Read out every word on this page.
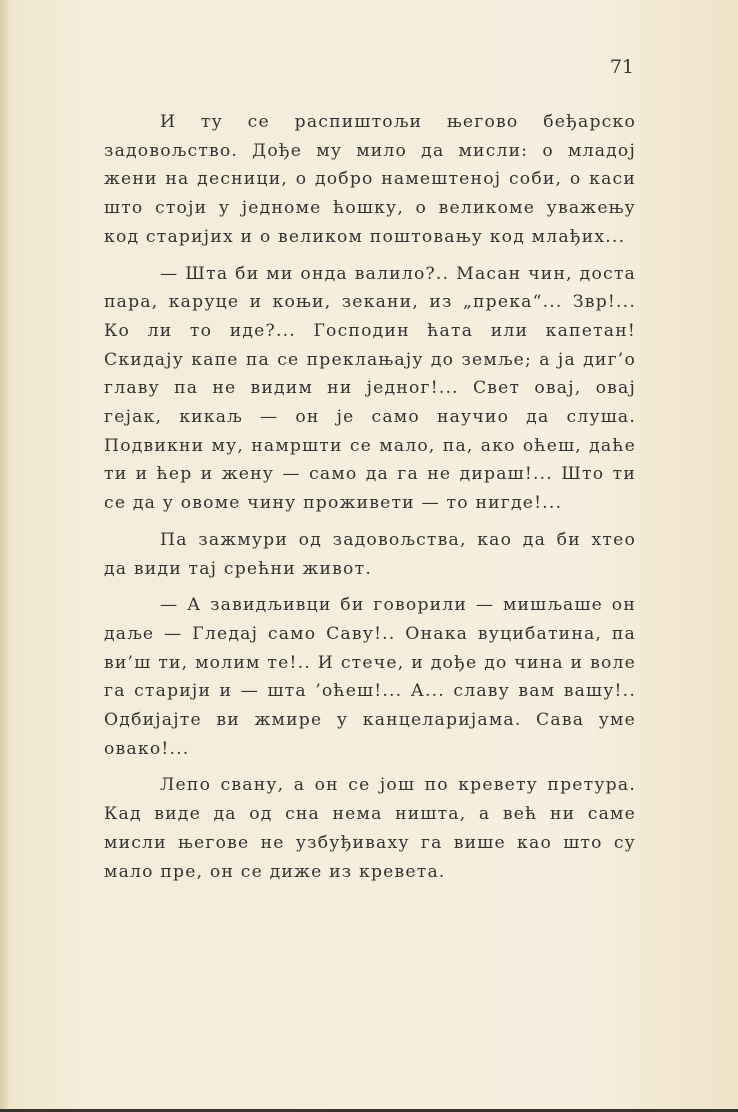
71

И ту се распиштољи његово беђарско задовољство. Дође му мило да мисли: о младој жени на десници, о добро намештеној соби, о каси што стоји у једноме ћошку, о великоме уважењу код старијих и о великом поштовању код млађих...

— Шта би ми онда валило?.. Масан чин, доста пара, каруце и коњи, зекани, из „прека“... Звр!... Ко ли то иде?... Господин ћата или капетан! Скидају капе па се преклањају до земље; а ја диг’о главу па не видим ни једног!... Свет овај, овај гејак, кикаљ — он је само научио да слуша. Подвикни му, намршти се мало, па, ако оћеш, даће ти и ћер и жену — само да га не дираш!... Што ти се да у овоме чину проживети — то нигде!...

Па зажмури од задовољства, као да би хтео да види тај срећни живот.

— А завидљивци би говорили — мишљаше он даље — Гледај само Саву!.. Онака вуцибатина, па ви’ш ти, молим те!.. И стече, и дође до чина и воле га старији и — шта ’оћеш!... А... славу вам вашу!.. Одбијајте ви жмире у канцеларијама. Сава уме овако!...

Лепо свану, а он се још по кревету претура. Кад виде да од сна нема ништа, а већ ни саме мисли његове не узбуђиваху га више као што су мало пре, он се диже из кревета.
